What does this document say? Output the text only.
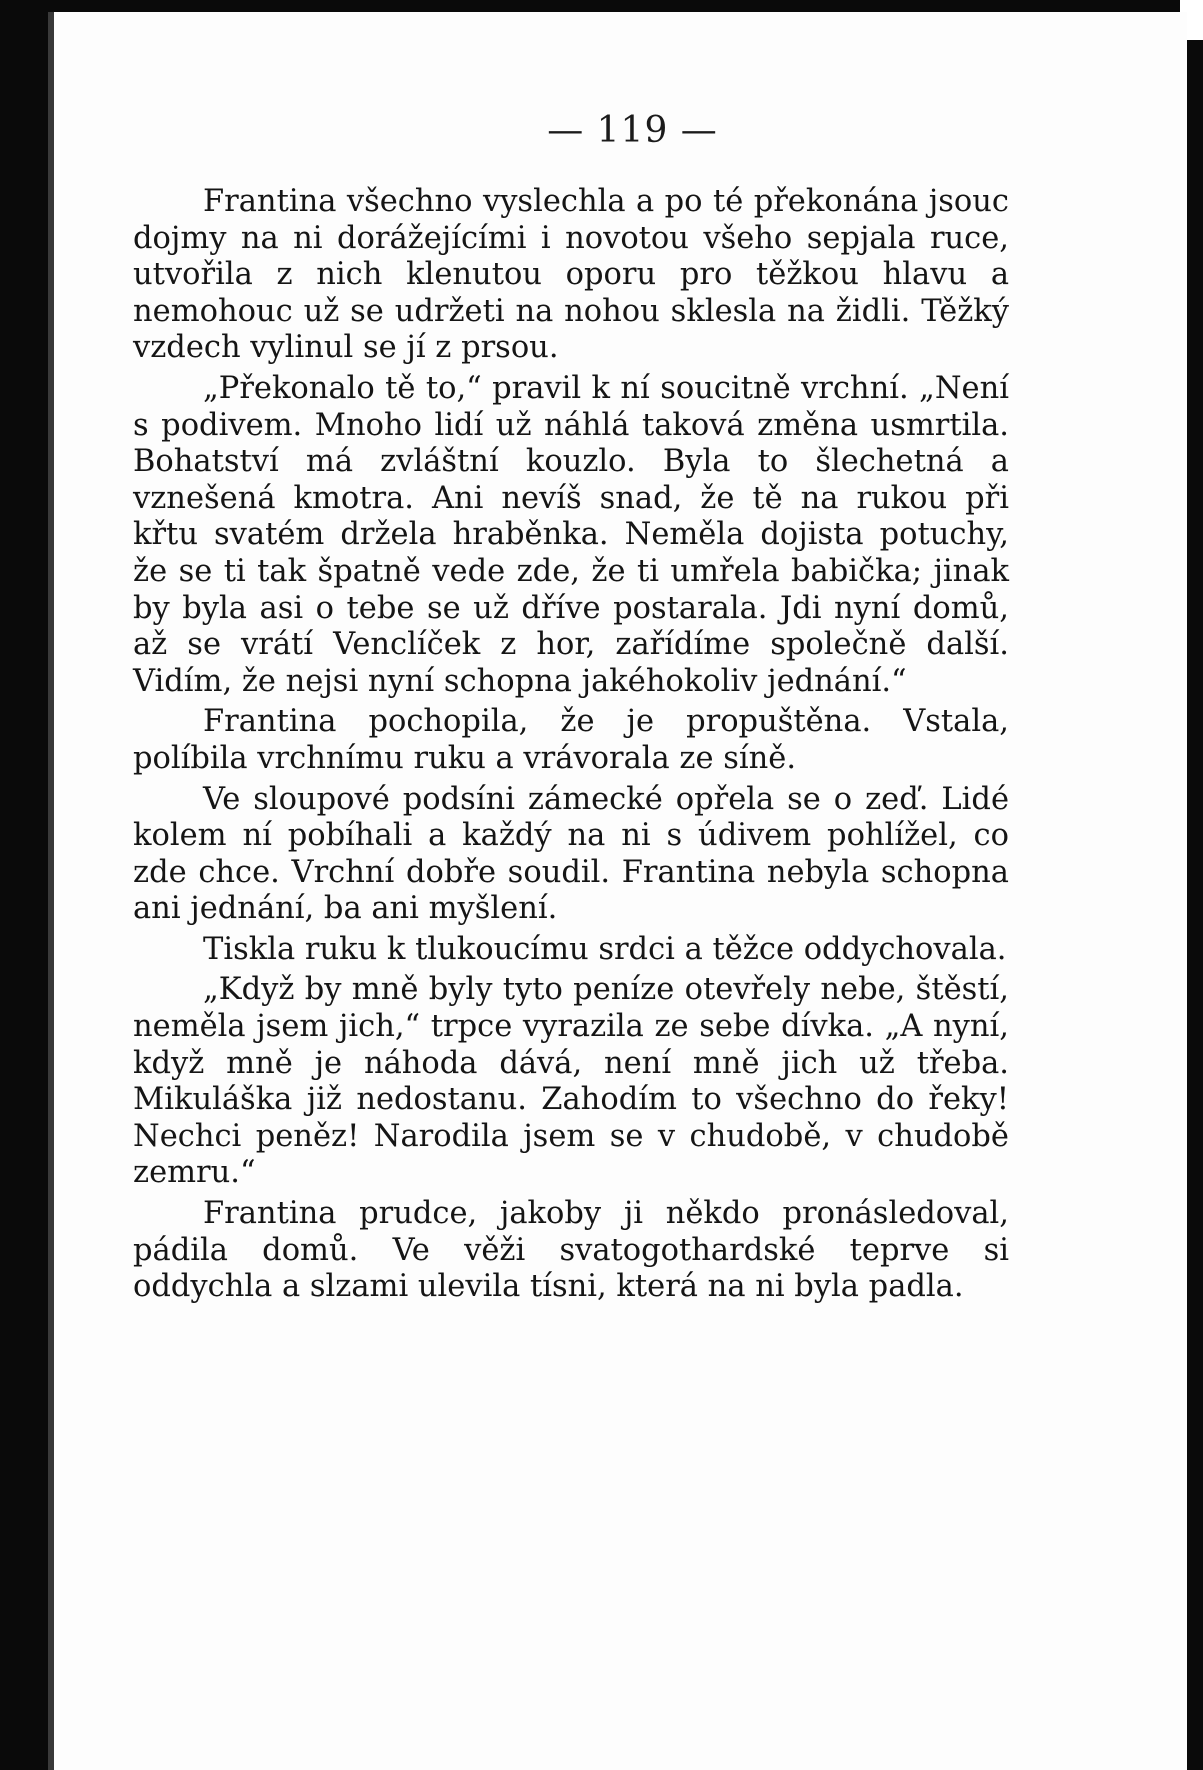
— 119 —

Frantina všechno vyslechla a po té překonána jsouc dojmy na ni dorážejícími i novotou všeho sepjala ruce, utvořila z nich klenutou oporu pro těžkou hlavu a nemohouc už se udržeti na nohou sklesla na židli. Těžký vzdech vylinul se jí z prsou.

„Překonalo tě to,“ pravil k ní soucitně vrchní. „Není s podivem. Mnoho lidí už náhlá taková změna usmrtila. Bohatství má zvláštní kouzlo. Byla to šlechetná a vznešená kmotra. Ani nevíš snad, že tě na rukou při křtu svatém držela hraběnka. Neměla dojista potuchy, že se ti tak špatně vede zde, že ti umřela babička; jinak by byla asi o tebe se už dříve postarala. Jdi nyní domů, až se vrátí Venclíček z hor, zařídíme společně další. Vidím, že nejsi nyní schopna jakéhokoliv jednání.“

Frantina pochopila, že je propuštěna. Vstala, políbila vrchnímu ruku a vrávorala ze síně.

Ve sloupové podsíni zámecké opřela se o zeď. Lidé kolem ní pobíhali a každý na ni s údivem pohlížel, co zde chce. Vrchní dobře soudil. Frantina nebyla schopna ani jednání, ba ani myšlení.

Tiskla ruku k tlukoucímu srdci a těžce oddychovala.

„Když by mně byly tyto peníze otevřely nebe, štěstí, neměla jsem jich,“ trpce vyrazila ze sebe dívka. „A nyní, když mně je náhoda dává, není mně jich už třeba. Mikuláška již nedostanu. Zahodím to všechno do řeky! Nechci peněz! Narodila jsem se v chudobě, v chudobě zemru.“

Frantina prudce, jakoby ji někdo pronásledoval, pádila domů. Ve věži svatogothardské teprve si oddychla a slzami ulevila tísni, která na ni byla padla.
